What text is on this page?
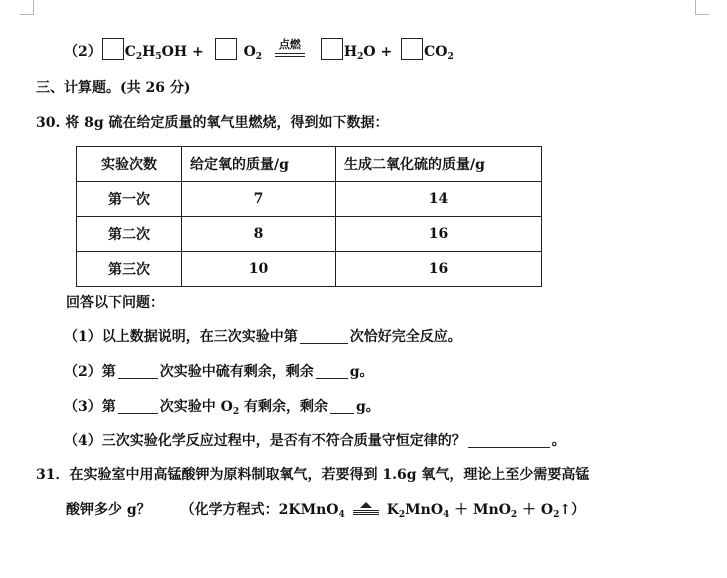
（2） $C_2H_5OH$ +	$O_2$
点燃	$H_2O + CO_2$
三、计算题。(共 26 分)
30. 将 8g 硫在给定质量的氧气里燃烧，得到如下数据：
实验次数	给定氧的质量/g	生成二氧化硫的质量/g
第一次	7	14
第二次	8	16
第三次	10	16
回答以下问题：
（1）以上数据说明，在三次实验中第	次恰好完全反应。
（2）第	次实验中硫有剩余，剩余	g。
（3）第	次实验中 $O_2$ 有剩余，剩余 g。
（4）三次实验化学反应过程中，是否有不符合质量守恒定律的？	。
31．在实验室中用高锰酸钾为原料制取氧气，若要得到 1.6g 氧气，理论上至少需要高锰
酸钾多少 g？ （化学方程式：2KMnO$_4$	$K_2MnO_4 + MnO_2$ ＋ $O_2↑$）
